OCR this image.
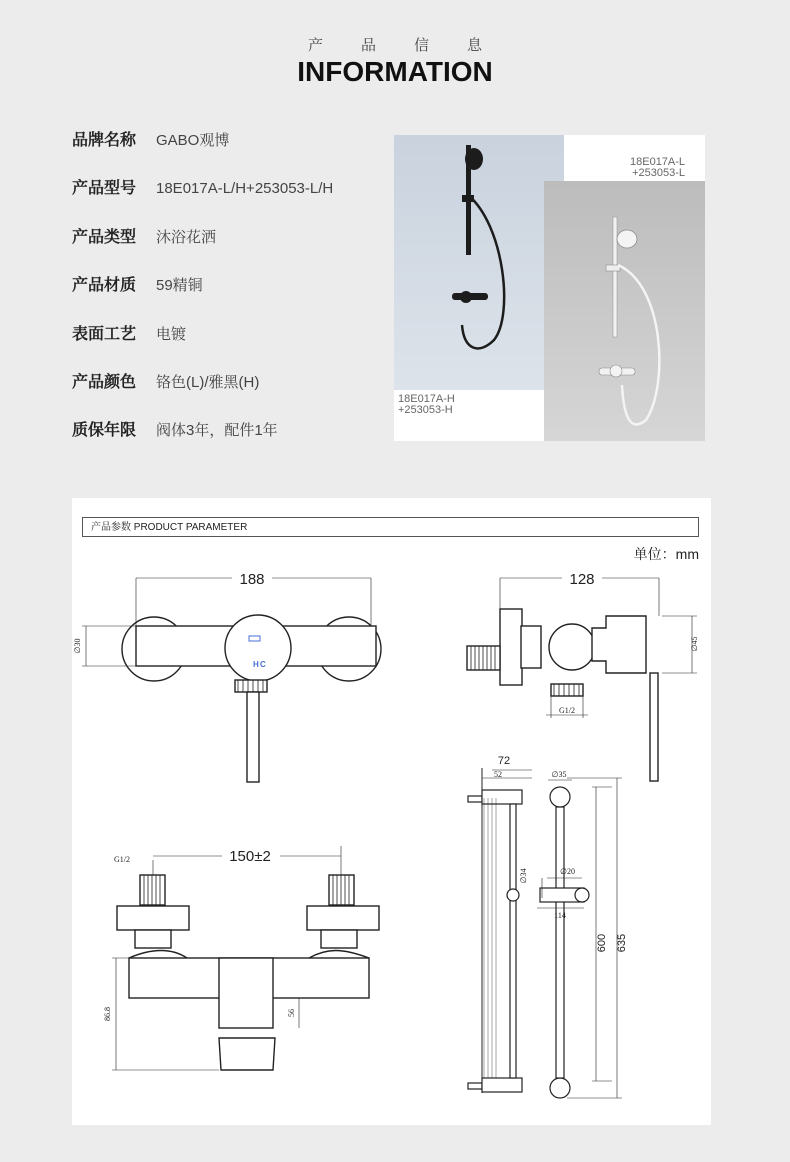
产品信息
INFORMATION
品牌名称 GABO观博
产品型号 18E017A-L/H+253053-L/H
产品类型 沐浴花洒
产品材质 59精铜
表面工艺 电镀
产品颜色 铬色(L)/雅黑(H)
质保年限 阀体3年，配件1年
18E017A-L
+253053-L
18E017A-H
+253053-H
产品参数 PRODUCT PARAMETER
单位：mm
188
∅30
H C
128
∅45
G1/2
150±2
G1/2
86.8	56
72
52	∅35
∅34	∅20
114
600 635
